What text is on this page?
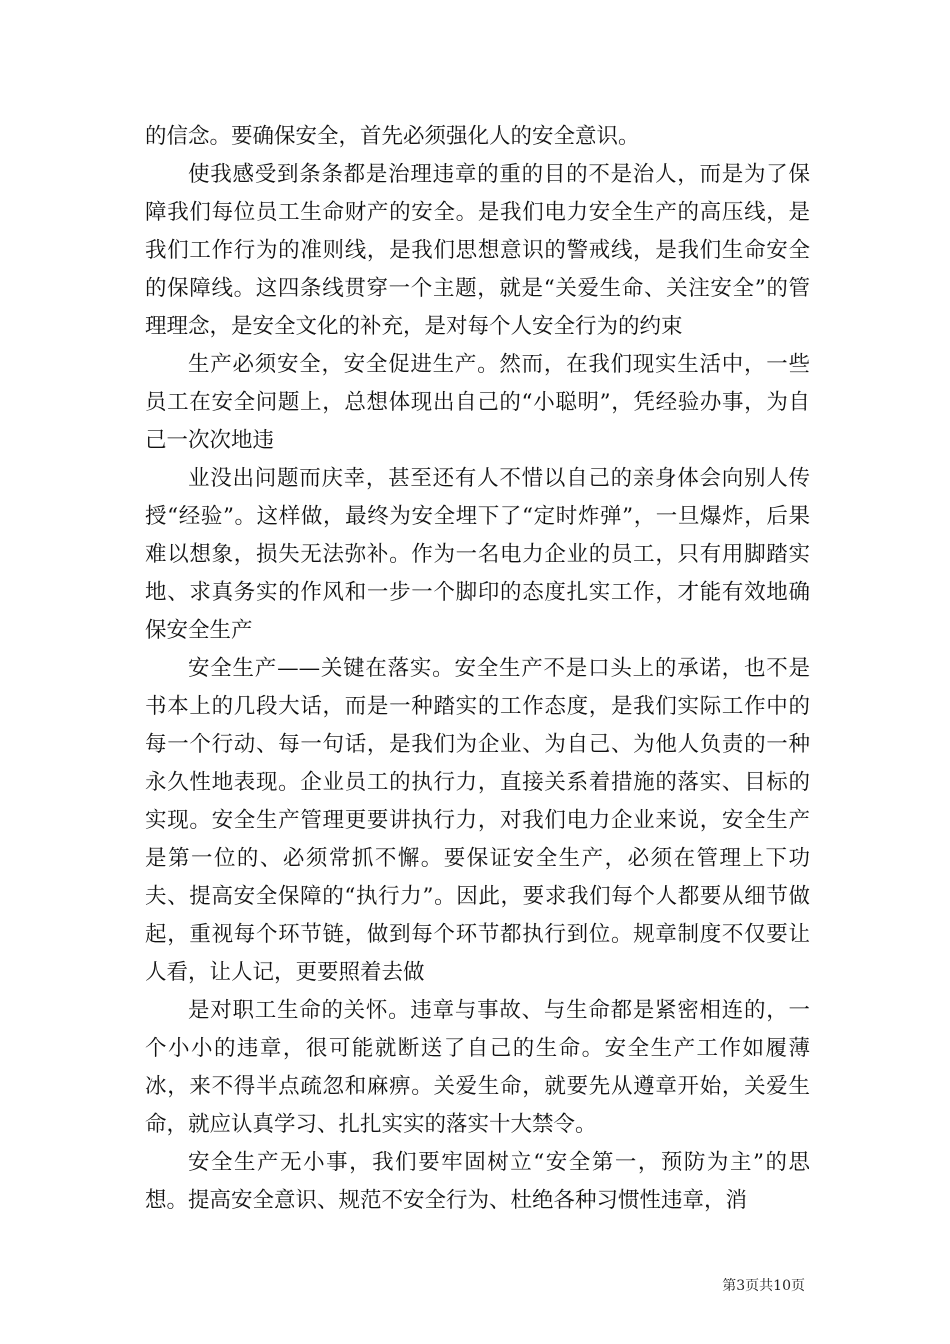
的信念。要确保安全，首先必须强化人的安全意识。

使我感受到条条都是治理违章的重的目的不是治人，而是为了保障我们每位员工生命财产的安全。是我们电力安全生产的高压线，是我们工作行为的准则线，是我们思想意识的警戒线，是我们生命安全的保障线。这四条线贯穿一个主题，就是“关爱生命、关注安全”的管理理念，是安全文化的补充，是对每个人安全行为的约束

生产必须安全，安全促进生产。然而，在我们现实生活中，一些员工在安全问题上，总想体现出自己的“小聪明”，凭经验办事，为自己一次次地违

业没出问题而庆幸，甚至还有人不惜以自己的亲身体会向别人传授“经验”。这样做，最终为安全埋下了“定时炸弹”，一旦爆炸，后果难以想象，损失无法弥补。作为一名电力企业的员工，只有用脚踏实地、求真务实的作风和一步一个脚印的态度扎实工作，才能有效地确保安全生产

安全生产——关键在落实。安全生产不是口头上的承诺，也不是书本上的几段大话，而是一种踏实的工作态度，是我们实际工作中的每一个行动、每一句话，是我们为企业、为自己、为他人负责的一种永久性地表现。企业员工的执行力，直接关系着措施的落实、目标的实现。安全生产管理更要讲执行力，对我们电力企业来说，安全生产是第一位的、必须常抓不懈。要保证安全生产，必须在管理上下功夫、提高安全保障的“执行力”。因此，要求我们每个人都要从细节做起，重视每个环节链，做到每个环节都执行到位。规章制度不仅要让人看，让人记，更要照着去做

是对职工生命的关怀。违章与事故、与生命都是紧密相连的，一个小小的违章，很可能就断送了自己的生命。安全生产工作如履薄冰，来不得半点疏忽和麻痹。关爱生命，就要先从遵章开始，关爱生命，就应认真学习、扎扎实实的落实十大禁令。

安全生产无小事，我们要牢固树立“安全第一，预防为主”的思想。提高安全意识、规范不安全行为、杜绝各种习惯性违章，消

第3页共10页
